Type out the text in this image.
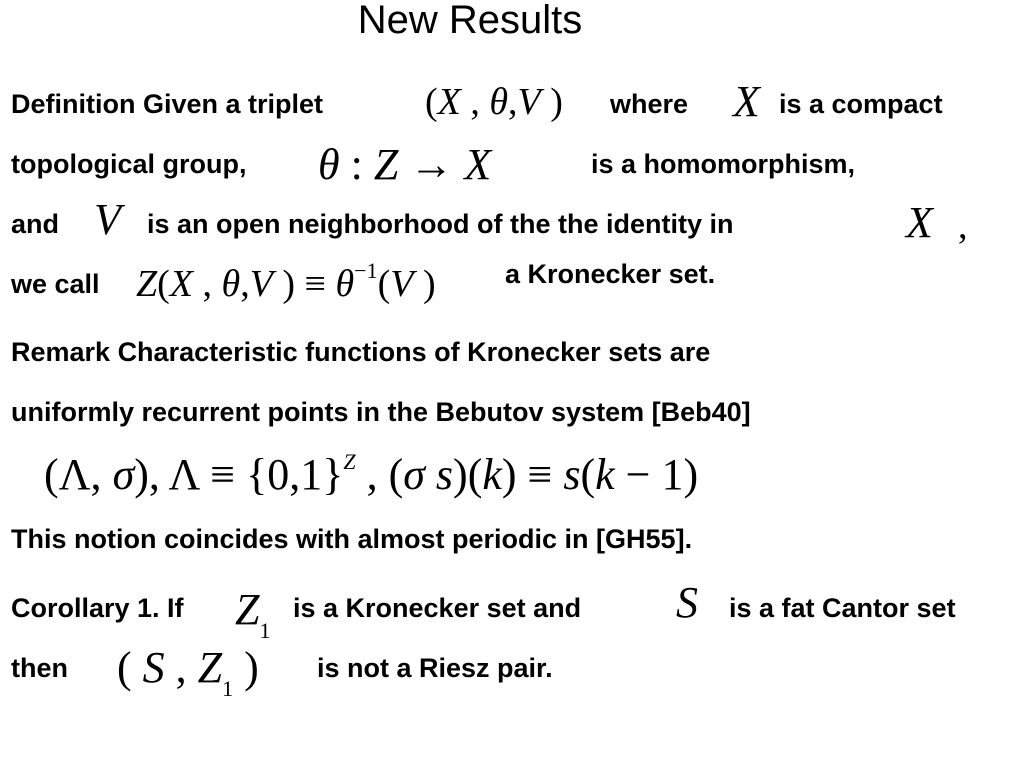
New Results
Definition Given a triplet	(X , θ,V ) where X is a compact
topological group, θ : Z → X	is a homomorphism,
and V is an open neighborhood of the the identity in	X ,
we call Z(X , θ,V ) ≡ $\theta^{-1}(V$ )	a Kronecker set.
Remark Characteristic functions of Kronecker sets are
uniformly recurrent points in the Bebutov system [Beb40]
(Λ, σ), $\Lambda \equiv \{0,1\}^Z$ , (σ s)(k) ≡ s(k − 1)
This notion coincides with almost periodic in [GH55].
Corollary 1. If $Z_1$
is a Kronecker set and S is a fat Cantor set
then ( S , $Z_1$ ) is not a Riesz pair.
